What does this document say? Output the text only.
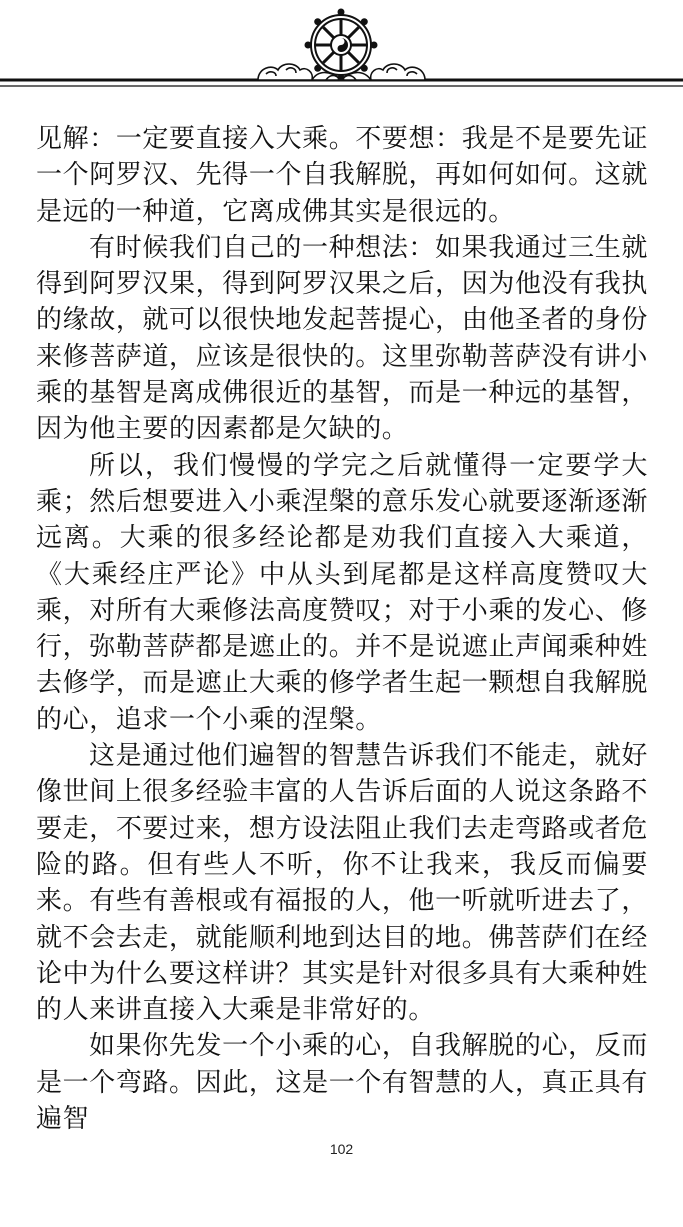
见解：一定要直接入大乘。不要想：我是不是要先证一个阿罗汉、先得一个自我解脱，再如何如何。这就是远的一种道，它离成佛其实是很远的。

有时候我们自己的一种想法：如果我通过三生就得到阿罗汉果，得到阿罗汉果之后，因为他没有我执的缘故，就可以很快地发起菩提心，由他圣者的身份来修菩萨道，应该是很快的。这里弥勒菩萨没有讲小乘的基智是离成佛很近的基智，而是一种远的基智，因为他主要的因素都是欠缺的。

所以，我们慢慢的学完之后就懂得一定要学大乘；然后想要进入小乘涅槃的意乐发心就要逐渐逐渐远离。大乘的很多经论都是劝我们直接入大乘道，《大乘经庄严论》中从头到尾都是这样高度赞叹大乘，对所有大乘修法高度赞叹；对于小乘的发心、修行，弥勒菩萨都是遮止的。并不是说遮止声闻乘种姓去修学，而是遮止大乘的修学者生起一颗想自我解脱的心，追求一个小乘的涅槃。

这是通过他们遍智的智慧告诉我们不能走，就好像世间上很多经验丰富的人告诉后面的人说这条路不要走，不要过来，想方设法阻止我们去走弯路或者危险的路。但有些人不听，你不让我来，我反而偏要来。有些有善根或有福报的人，他一听就听进去了，就不会去走，就能顺利地到达目的地。佛菩萨们在经论中为什么要这样讲？其实是针对很多具有大乘种姓的人来讲直接入大乘是非常好的。

如果你先发一个小乘的心，自我解脱的心，反而是一个弯路。因此，这是一个有智慧的人，真正具有遍智

102
